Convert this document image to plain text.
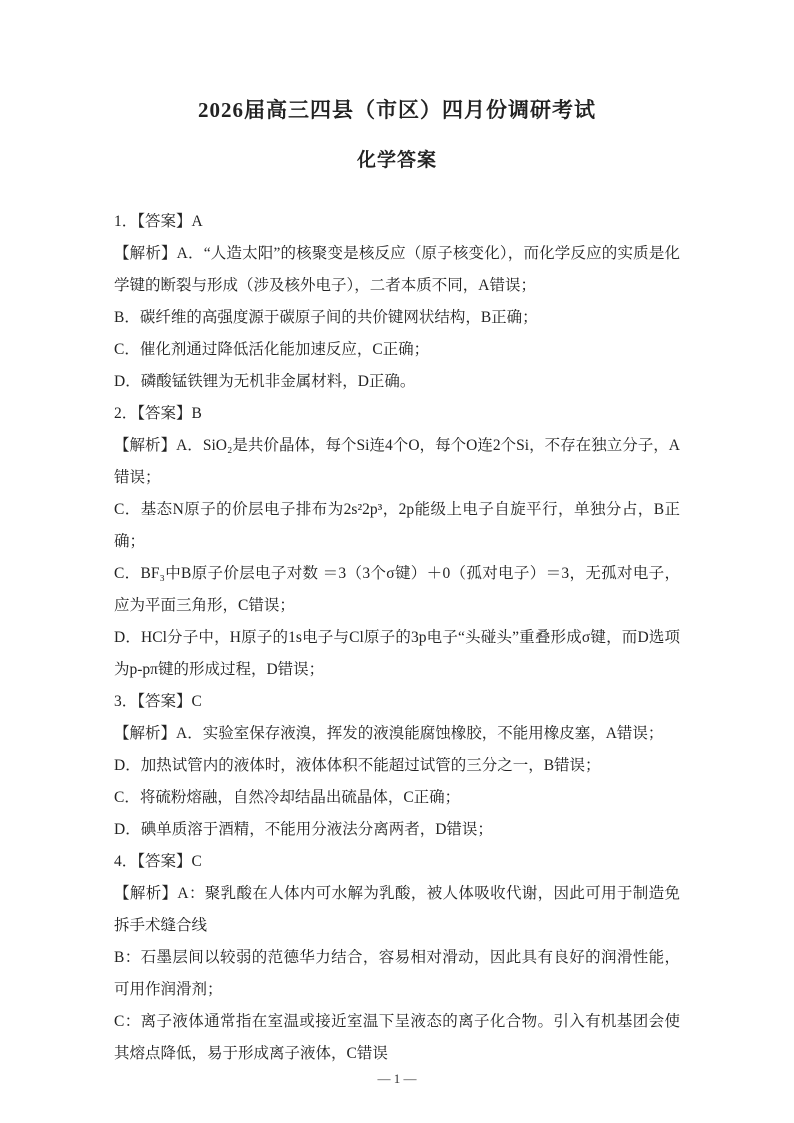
2026届高三四县（市区）四月份调研考试
化学答案

1．【答案】A

【解析】A．“人造太阳”的核聚变是核反应（原子核变化），而化学反应的实质是化学键的断裂与形成（涉及核外电子），二者本质不同，A错误；

B．碳纤维的高强度源于碳原子间的共价键网状结构，B正确；

C．催化剂通过降低活化能加速反应，C正确；

D．磷酸锰铁锂为无机非金属材料，D正确。

2．【答案】B

【解析】A．SiO₂是共价晶体，每个Si连4个O，每个O连2个Si，不存在独立分子，A错误；

C．基态N原子的价层电子排布为2s²2p³，2p能级上电子自旋平行，单独分占，B正确；

C．BF₃中B原子价层电子对数 ＝3（3个σ键）＋0（孤对电子）＝3，无孤对电子，应为平面三角形，C错误；

D．HCl分子中，H原子的1s电子与Cl原子的3p电子“头碰头”重叠形成σ键，而D选项为p-pπ键的形成过程，D错误；

3．【答案】C

【解析】A．实验室保存液溴，挥发的液溴能腐蚀橡胶，不能用橡皮塞，A错误；

D．加热试管内的液体时，液体体积不能超过试管的三分之一，B错误；

C．将硫粉熔融，自然冷却结晶出硫晶体，C正确；

D．碘单质溶于酒精，不能用分液法分离两者，D错误；

4．【答案】C

【解析】A：聚乳酸在人体内可水解为乳酸，被人体吸收代谢，因此可用于制造免拆手术缝合线

B：石墨层间以较弱的范德华力结合，容易相对滑动，因此具有良好的润滑性能，可用作润滑剂；

C：离子液体通常指在室温或接近室温下呈液态的离子化合物。引入有机基团会使其熔点降低，易于形成离子液体，C错误

— 1 —
